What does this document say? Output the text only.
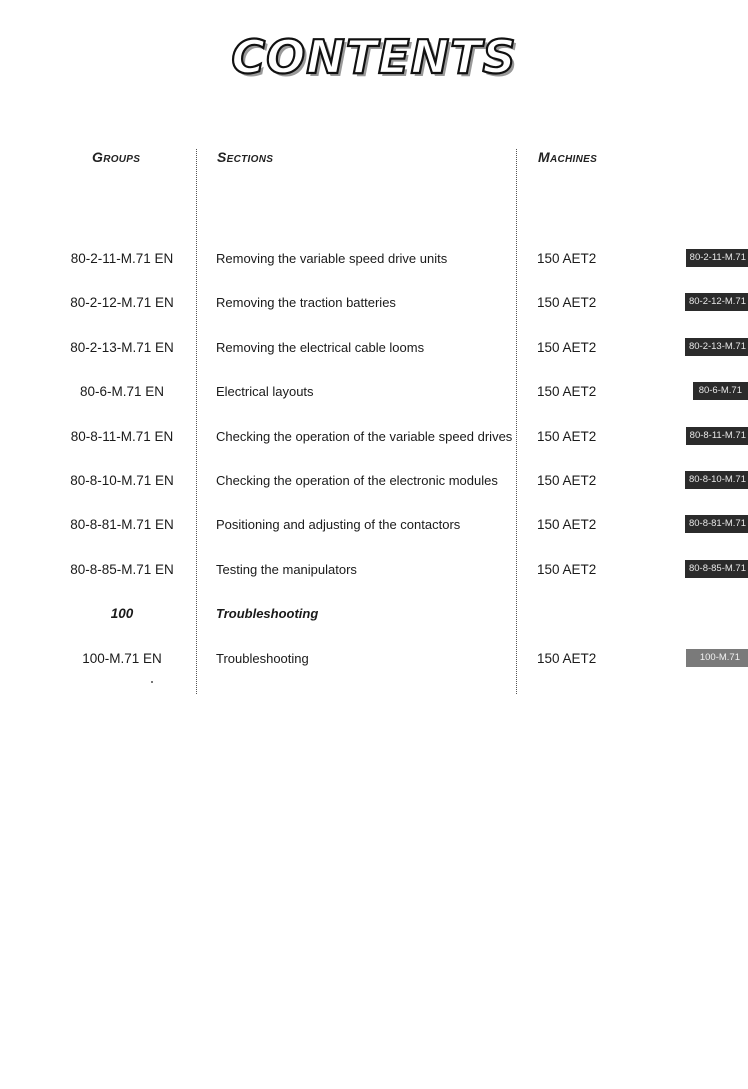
CONTENTS
Groups	Sections	Machines
80-2-11-M.71 EN	Removing the variable speed drive units	150 AET2	80-2-11-M.71
80-2-12-M.71 EN	Removing the traction batteries	150 AET2	80-2-12-M.71
80-2-13-M.71 EN	Removing the electrical cable looms	150 AET2	80-2-13-M.71
80-6-M.71 EN	Electrical layouts	150 AET2	80-6-M.71
80-8-11-M.71 EN	Checking the operation of the variable speed drives 150 AET2	80-8-11-M.71
80-8-10-M.71 EN	Checking the operation of the electronic modules	150 AET2	80-8-10-M.71
80-8-81-M.71 EN	Positioning and adjusting of the contactors	150 AET2	80-8-81-M.71
80-8-85-M.71 EN	Testing the manipulators	150 AET2	80-8-85-M.71
100	Troubleshooting
100-M.71 EN	Troubleshooting	150 AET2	100-M.71
